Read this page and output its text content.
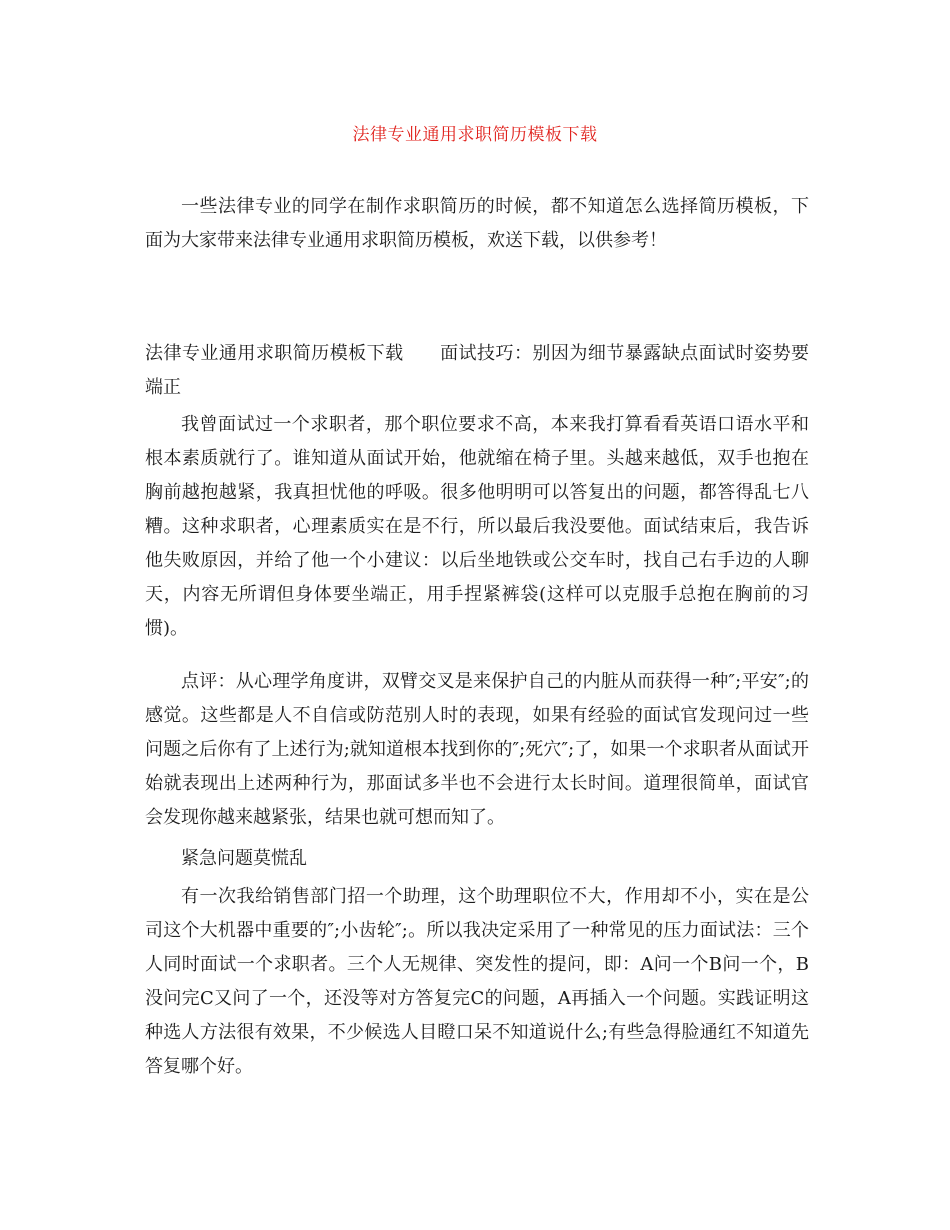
法律专业通用求职简历模板下载
一些法律专业的同学在制作求职简历的时候，都不知道怎么选择简历模板，下面为大家带来法律专业通用求职简历模板，欢送下载，以供参考！
法律专业通用求职简历模板下载 面试技巧：别因为细节暴露缺点面试时姿势要端正
我曾面试过一个求职者，那个职位要求不高，本来我打算看看英语口语水平和根本素质就行了。谁知道从面试开始，他就缩在椅子里。头越来越低，双手也抱在胸前越抱越紧，我真担忧他的呼吸。很多他明明可以答复出的问题，都答得乱七八糟。这种求职者，心理素质实在是不行，所以最后我没要他。面试结束后，我告诉他失败原因，并给了他一个小建议：以后坐地铁或公交车时，找自己右手边的人聊天，内容无所谓但身体要坐端正，用手捏紧裤袋(这样可以克服手总抱在胸前的习惯)。
点评：从心理学角度讲，双臂交叉是来保护自己的内脏从而获得一种″;平安″;的感觉。这些都是人不自信或防范别人时的表现，如果有经验的面试官发现问过一些问题之后你有了上述行为;就知道根本找到你的″;死穴″;了，如果一个求职者从面试开始就表现出上述两种行为，那面试多半也不会进行太长时间。道理很简单，面试官会发现你越来越紧张，结果也就可想而知了。
紧急问题莫慌乱
有一次我给销售部门招一个助理，这个助理职位不大，作用却不小，实在是公司这个大机器中重要的″;小齿轮″;。所以我决定采用了一种常见的压力面试法：三个人同时面试一个求职者。三个人无规律、突发性的提问，即：A问一个B问一个，B没问完C又问了一个，还没等对方答复完C的问题，A再插入一个问题。实践证明这种选人方法很有效果，不少候选人目瞪口呆不知道说什么;有些急得脸通红不知道先答复哪个好。
